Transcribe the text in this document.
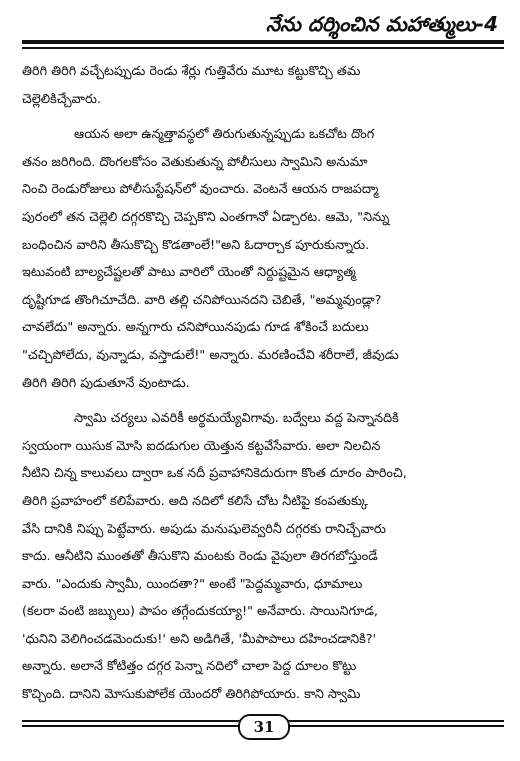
నేను దర్శించిన మహాత్ములు-4
తిరిగి తిరిగి వచ్చేటప్పుడు రెండు శేర్లు గుత్తివేరు మూట కట్టుకొచ్చి తమ
చెల్లెలికిచ్చేవారు.
ఆయన అలా ఉన్మత్తావస్థలో తిరుగుతున్నప్పుడు ఒకచోట దొంగ
తనం జరిగింది. దొంగలకోసం వెతుకుతున్న పోలీసులు స్వామిని అనుమా
నించి రెండురోజులు పోలీసుస్టేషన్‌లో వుంచారు. వెంటనే ఆయన రాజపద్మా
పురంలో తన చెల్లెలి దగ్గరకొచ్చి చెప్పకొని ఎంతగానో ఏడ్చారట. ఆమె, "నిన్ను
బంధించిన వారిని తీసుకొచ్చి కొడతాంలే!"అని ఓదార్చాక పూరుకున్నారు.
ఇటువంటి బాల్యచేష్టలతో పాటు వారిలో యెంతో నిర్దుష్టమైన ఆధ్యాత్మ
దృష్టిగూడ తొంగిచూచేది. వారి తల్లి చనిపోయినదని చెబితే, "అమ్మవుండ్లా?
చావలేదు" అన్నారు. అన్నగారు చనిపోయినపుడు గూడ శోకించే బదులు
"చచ్చిపోలేదు, వున్నాడు, వస్తాడులే!" అన్నారు. మరణించేవి శరీరాలే, జీవుడు
తిరిగి తిరిగి పుడుతూనే వుంటాడు.
స్వామి చర్యలు ఎవరికీ అర్థమయ్యేవిగావు. బద్వేలు వద్ద పెన్నానదికి
స్వయంగా యిసుక మోసి ఐదడుగుల యెత్తున కట్టవేసేవారు. అలా నిలచిన
నీటిని చిన్న కాలువలు ద్వారా ఒక నదీ ప్రవాహానికెదురుగా కొంత దూరం పారించి,
తిరిగి ప్రవాహంలో కలిపేవారు. అది నదిలో కలిసే చోట నీటిపై కంపతుక్కు
వేసి దానికి నిప్పు పెట్టేవారు. అపుడు మనుషులెవ్వరినీ దగ్గరకు రానిచ్చేవారు
కాదు. ఆనీటిని ముంతతో తీసుకొని మంటకు రెండు వైపులా తిరగబోస్తుండే
వారు. "ఎందుకు స్వామీ, యిందతా?" అంటే "పెద్దమ్మవారు, ధూమాలు
(కలరా వంటి జబ్బులు) పాపం తగ్గేందుకయ్యా!" అనేవారు. సాయినిగూడ,
'ధునిని వెలిగించడమెందుకు!' అని అడిగితే, 'మీపాపాలు దహించడానికి?'
అన్నారు. అలానే కోటిత్తం దగ్గర పెన్నా నదిలో చాలా పెద్ద దూలం కొట్టు
కొచ్చింది. దానిని మోసుకుపోలేక యెందరో తిరిగిపోయారు. కాని స్వామి
31
